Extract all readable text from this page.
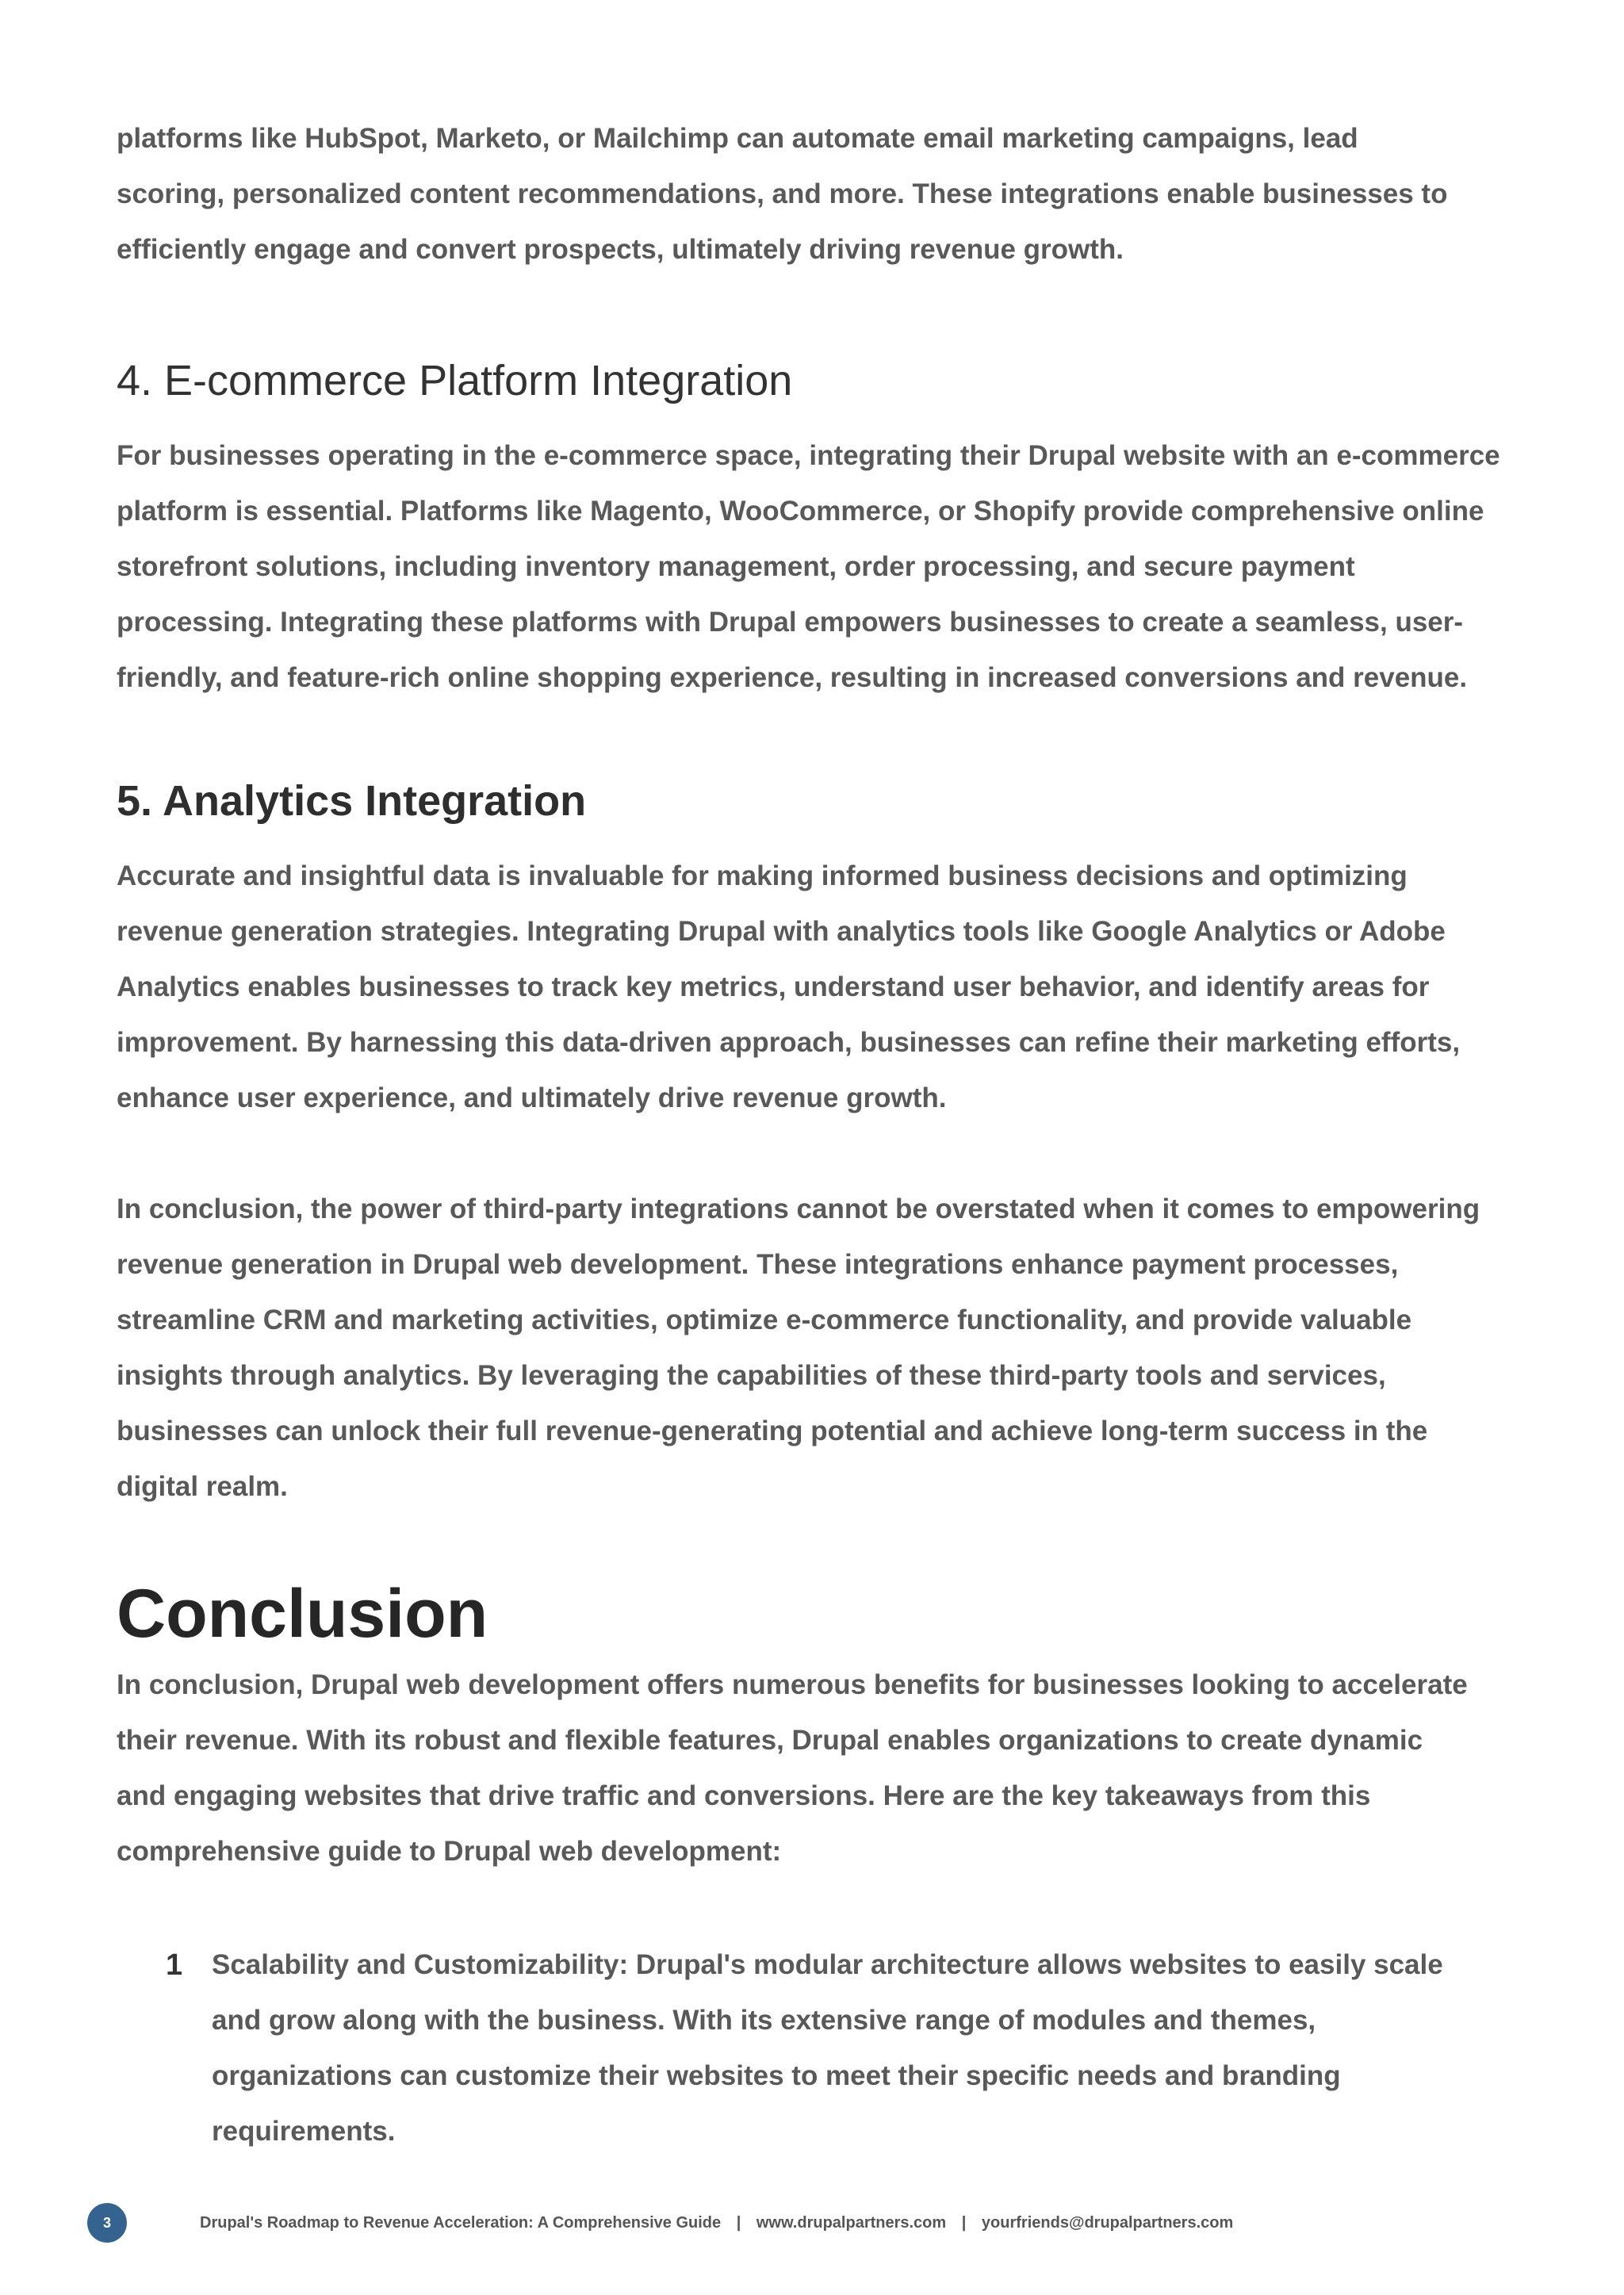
platforms like HubSpot, Marketo, or Mailchimp can automate email marketing campaigns, lead
scoring, personalized content recommendations, and more. These integrations enable businesses to
efficiently engage and convert prospects, ultimately driving revenue growth.
4. E-commerce Platform Integration
For businesses operating in the e-commerce space, integrating their Drupal website with an e-commerce
platform is essential. Platforms like Magento, WooCommerce, or Shopify provide comprehensive online
storefront solutions, including inventory management, order processing, and secure payment
processing. Integrating these platforms with Drupal empowers businesses to create a seamless, user-
friendly, and feature-rich online shopping experience, resulting in increased conversions and revenue.
5. Analytics Integration
Accurate and insightful data is invaluable for making informed business decisions and optimizing
revenue generation strategies. Integrating Drupal with analytics tools like Google Analytics or Adobe
Analytics enables businesses to track key metrics, understand user behavior, and identify areas for
improvement. By harnessing this data-driven approach, businesses can refine their marketing efforts,
enhance user experience, and ultimately drive revenue growth.
In conclusion, the power of third-party integrations cannot be overstated when it comes to empowering
revenue generation in Drupal web development. These integrations enhance payment processes,
streamline CRM and marketing activities, optimize e-commerce functionality, and provide valuable
insights through analytics. By leveraging the capabilities of these third-party tools and services,
businesses can unlock their full revenue-generating potential and achieve long-term success in the
digital realm.
Conclusion
In conclusion, Drupal web development offers numerous benefits for businesses looking to accelerate
their revenue. With its robust and flexible features, Drupal enables organizations to create dynamic
and engaging websites that drive traffic and conversions. Here are the key takeaways from this
comprehensive guide to Drupal web development:
1 Scalability and Customizability: Drupal's modular architecture allows websites to easily scale
and grow along with the business. With its extensive range of modules and themes,
organizations can customize their websites to meet their specific needs and branding
requirements.
3	Drupal's Roadmap to Revenue Acceleration: A Comprehensive Guide | www.drupalpartners.com | yourfriends@drupalpartners.com
